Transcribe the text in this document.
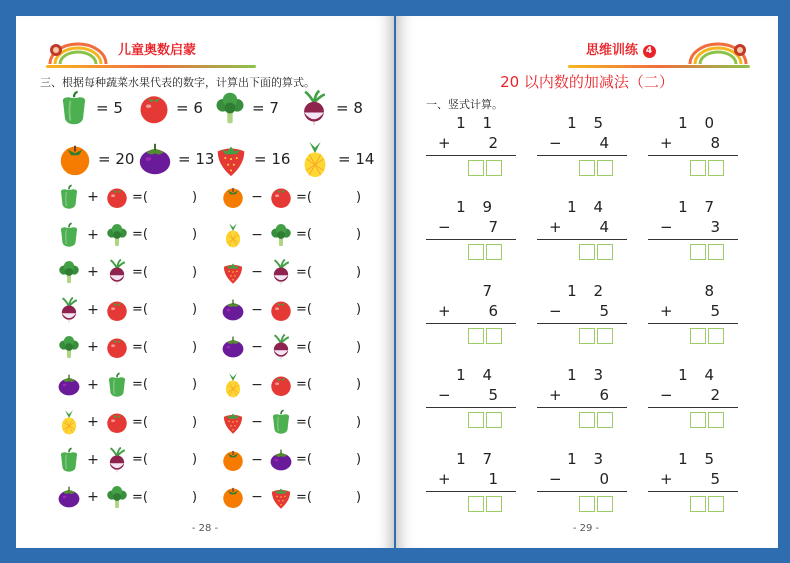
儿童奥数启蒙
三、根据每种蔬菜水果代表的数字，计算出下面的算式。
= 5	= 6	= 7	= 8
= 20	= 13	= 16	= 14
+	=(	)	−	=(	)
+	=(	)	−	=(	)
+	=(	)	−	=(	)
+	=(	)	−	=(	)
+	=(	)	−	=(	)
+	=(	)	−	=(	)
+	=(	)	−	=(	)
+	=(	)	−	=(	)
+	=(	)	−	=(	)
- 28 -
思维训练 4
20 以内数的加减法（二）
一、竖式计算。
1 1
+	2
1 5
−	4
1 0
+	8
1 9
−	7
1 4
+	4
1 7
−	3
7
+	6
1 2
−	5
8
+	5
1 4
−	5
1 3
+	6
1 4
−	2
1 7
+	1
1 3
−	0
1 5
+	5
- 29 -
